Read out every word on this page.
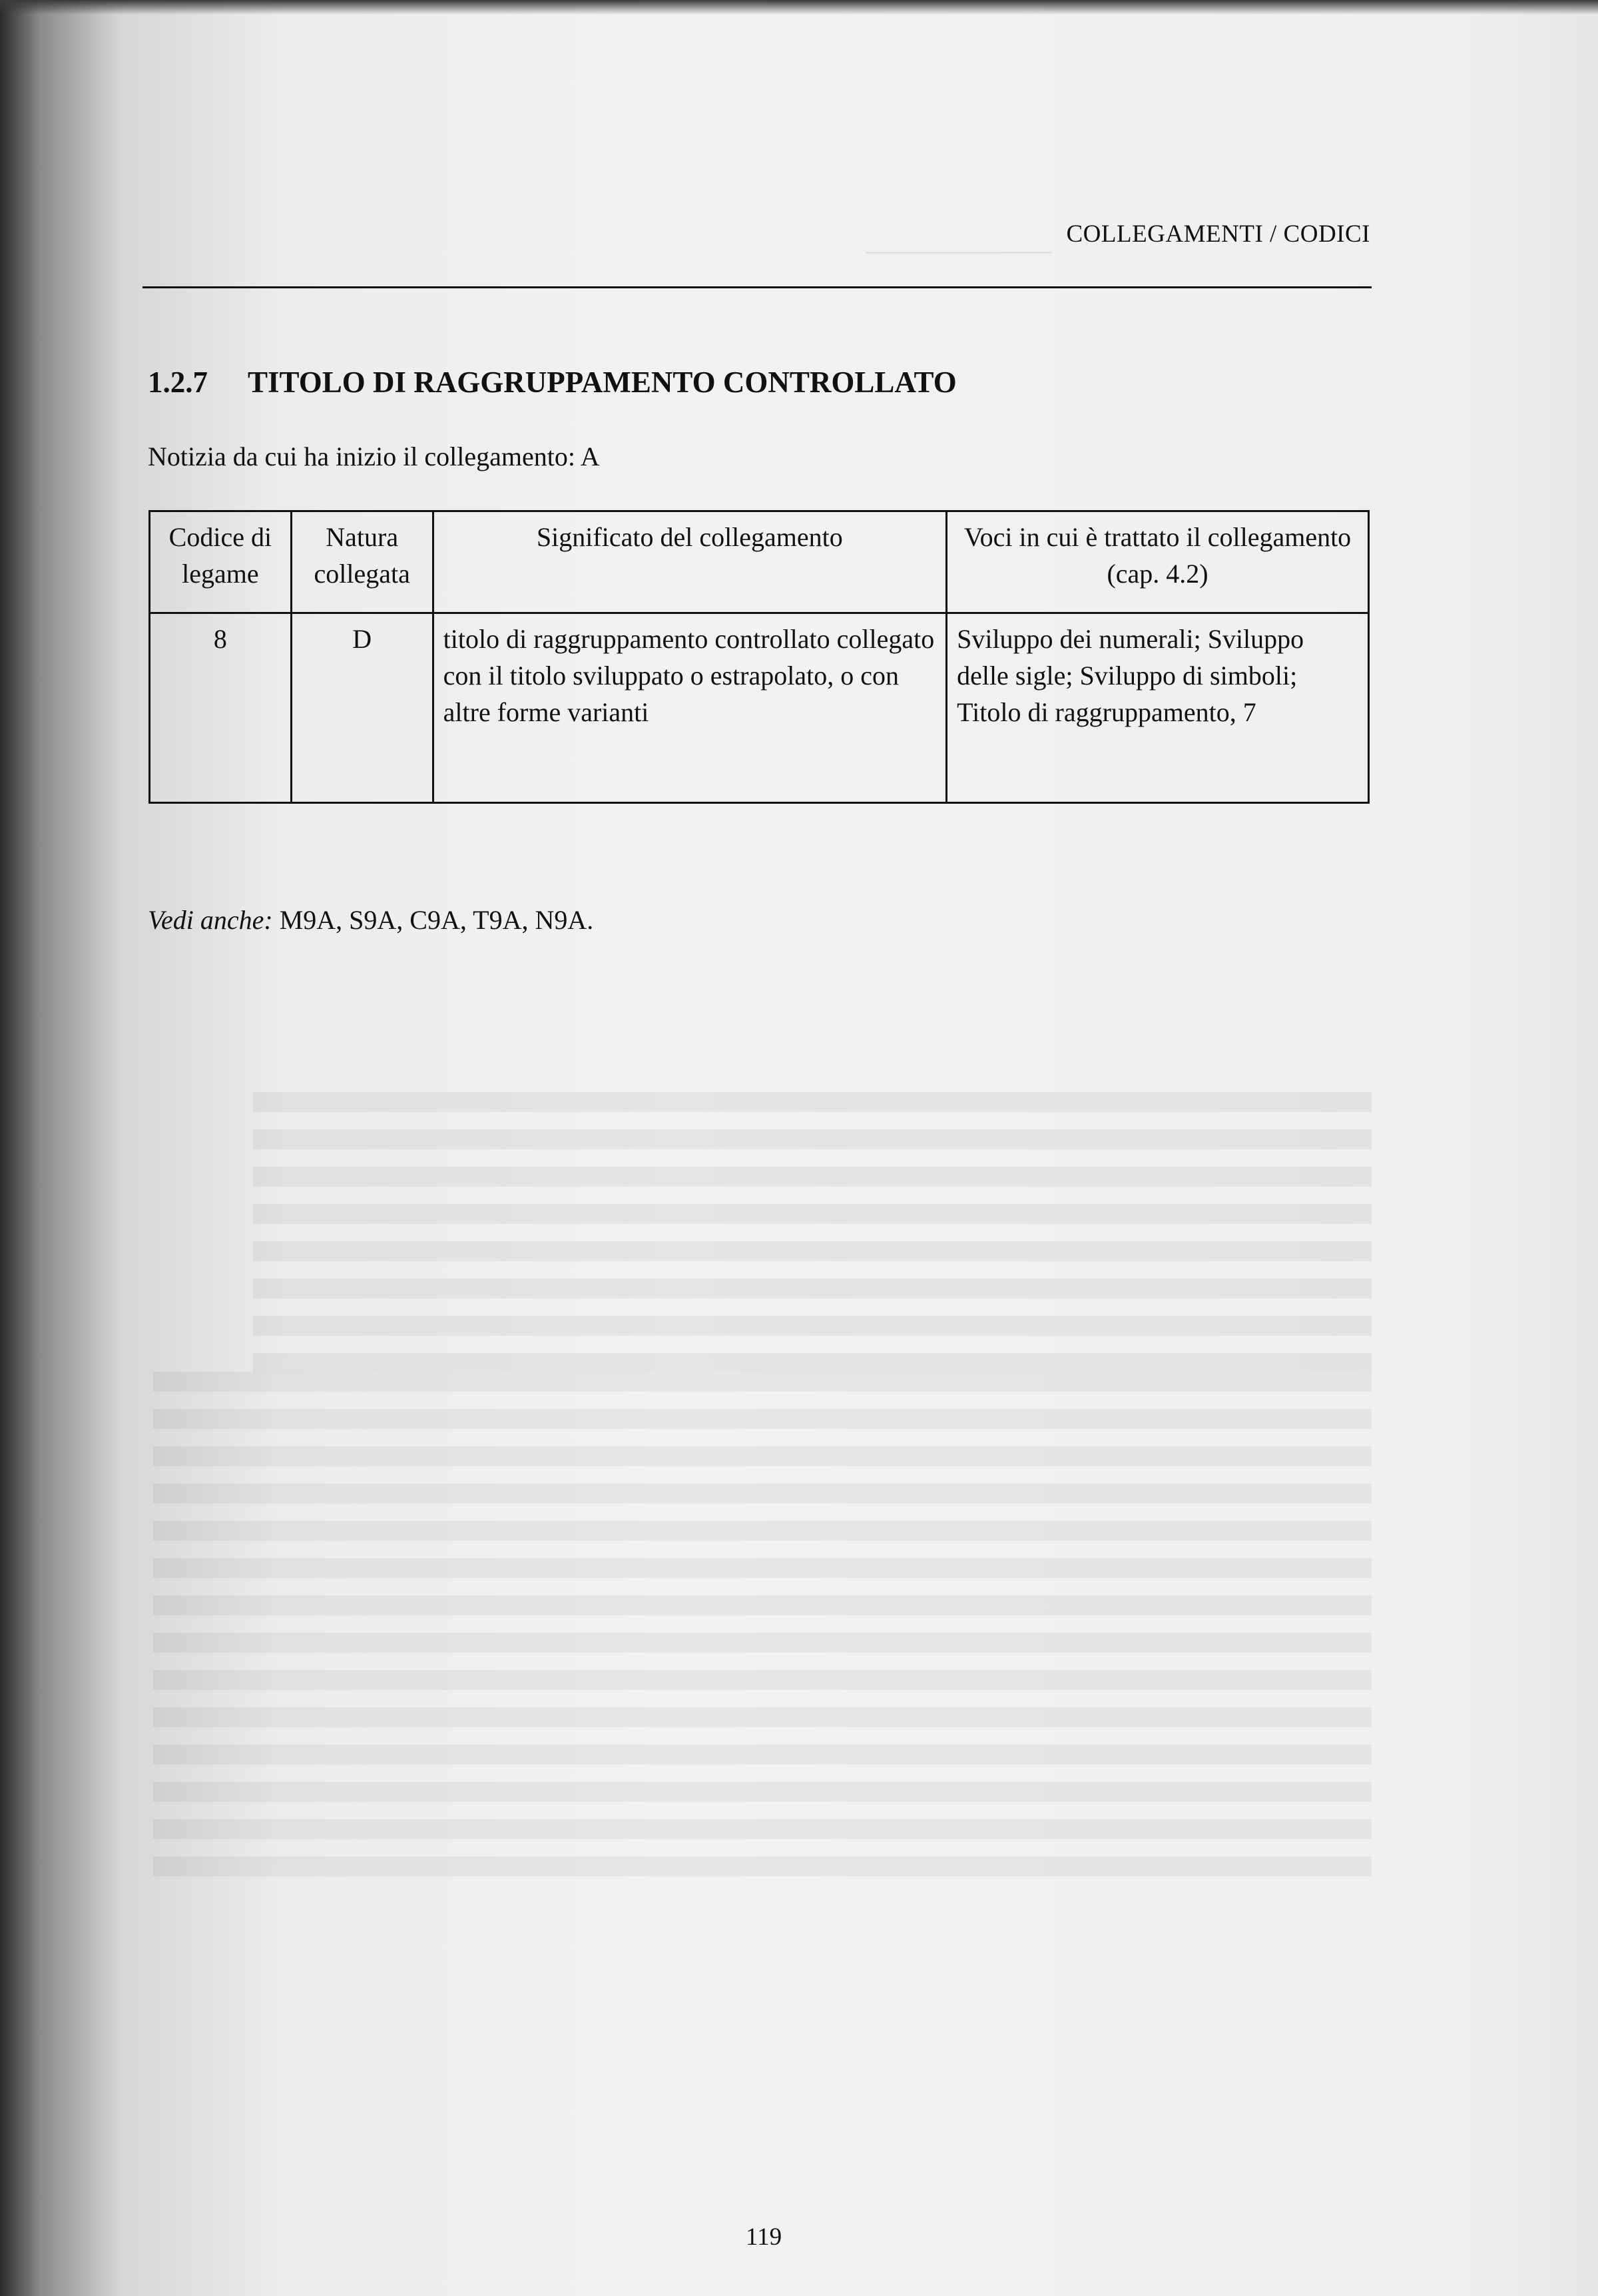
―――――――
COLLEGAMENTI / CODICI
1.2.7 TITOLO DI RAGGRUPPAMENTO CONTROLLATO
Notizia da cui ha inizio il collegamento: A
Codice di legame	Natura collegata	Significato del collegamento	Voci in cui è trattato il collegamento (cap. 4.2)
8	D	titolo di raggruppamento controllato collegato con il titolo sviluppato o estrapolato, o con altre forme varianti	Sviluppo dei numerali; Sviluppo delle sigle; Sviluppo di simboli; Titolo di raggruppamento, 7
Vedi anche: M9A, S9A, C9A, T9A, N9A.
119
